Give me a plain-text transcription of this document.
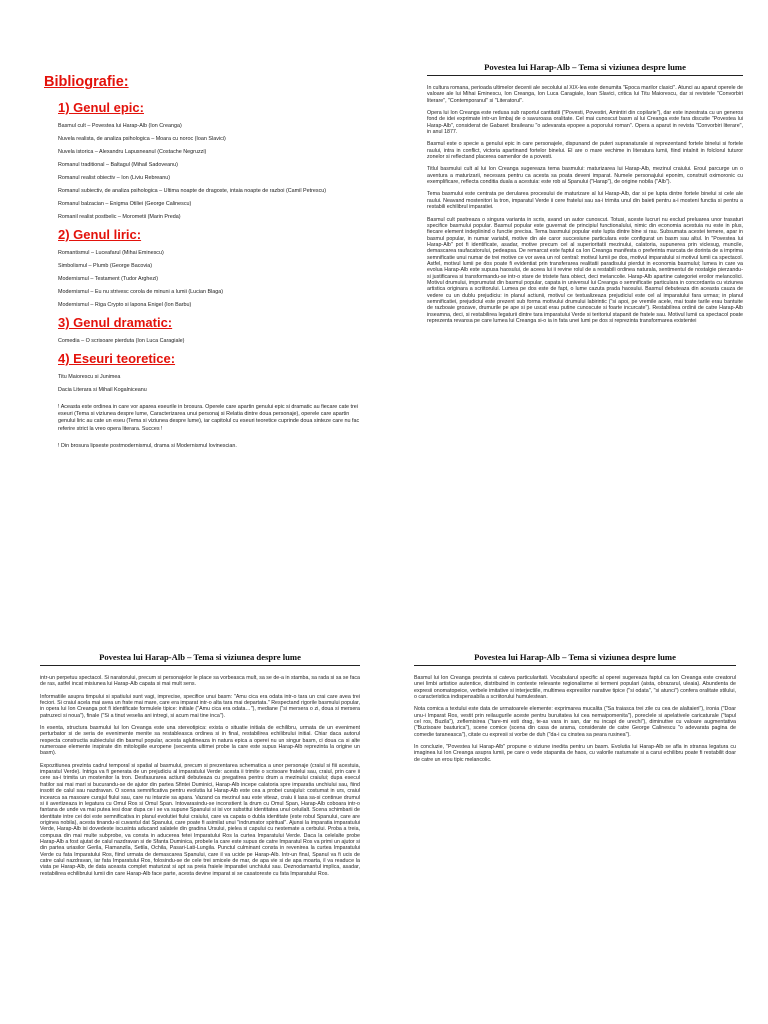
Bibliografie:
1) Genul epic:
Basmul cult – Povestea lui Harap-Alb (Ion Creanga)
Nuvela realista, de analiza psihologica – Moara cu noroc (Ioan Slavici)
Nuvela istorica – Alexandru Lapusneanul (Costache Negruzzi)
Romanul traditional – Baltagul (Mihail Sadoveanu)
Romanul realist obiectiv – Ion (Liviu Rebreanu)
Romanul subiectiv, de analiza psihologica – Ultima noapte de dragoste, intaia noapte de razboi (Camil Petrescu)
Romanul balzacian – Enigma Otiliei (George Calinescu)
Romanil realist postbelic – Morometii (Marin Preda)
2) Genul liric:
Romantismul – Luceafarul (Mihai Eminescu)
Simbolismul – Plumb (George Bacovia)
Modernismul – Testament (Tudor Arghezi)
Modernismul – Eu nu strivesc corola de minuni a lumii (Lucian Blaga)
Modernismul – Riga Crypto si lapona Enigel (Ion Barbu)
3) Genul dramatic:
Comedia – O scrisoare pierduta (Ion Luca Caragiale)
4) Eseuri teoretice:
Titu Maiorescu si Junimea
Dacia Literara si Mihail Kogalniceanu
! Aceasta este ordinea in care vor aparea eseurile in brosura. Operele care apartin genului epic si dramatic au fiecare cate trei eseuri (Tema si viziunea despre lume, Caracterizarea unui personaj si Relatia dintre doua personaje), operele care apartin genului liric au cate un eseu (Tema si viziunea despre lume), iar capitolul cu eseuri teoretice cuprinde doua sinteze care nu fac referire strict la vreo opera literara. Succes !
! Din brosura lipseste postmodernismul, drama si Modernismul lovinescian.
Povestea lui Harap-Alb – Tema si viziunea despre lume

In cultura romana, perioada ultimelor decenii ale secolului al XIX-lea este denumita "Epoca marilor clasici". Atunci au aparut operele de valoare ale lui Mihai Eminescu, Ion Creanga, Ion Luca Caragiale, Ioan Slavici, critica lui Titu Maiorescu, dar si revistele "Convorbiri literare", "Contemporanul" si "Literatorul".

Opera lui Ion Creanga este redusa sub raportul cantitatii ("Povesti, Povestiri, Amintiri din copilarie"), dar este inzestrata cu un generos fond de idei exprimate intr-un limbaj de o savuroasa oralitate. Cel mai cunoscut basm al lui Creanga este fara discutie "Povestea lui Harap-Alb", considerat de Gabaret Ibraileanu "o adevarata epopee a poporului roman". Opera a aparut in revista "Convorbiri literare", in anul 1877.

Basmul este o specie a genului epic in care personajele, dispunand de puteri supranaturale si reprezentand fortele binelui si fortele raului, intra in conflict, victoria apartinand fortelor binelui. El are o mare vechime in literatura lumii, fiind intalnit in folclorul tuturor zonelor si reflectand placerea oamenilor de a povesti.

Titlul basmului cult al lui Ion Creanga sugereaza tema basmului: maturizarea lui Harap-Alb, mezinul craiului. Eroul parcurge un o aventura a maturizarii, necesara pentru ca acesta sa poata deveni imparat. Numele personajului eponim, construit oximoronic cu exemplificare, reflecta conditia duala a acestuia: este rob al Spanului ("Harap"), de origine nobila ("Alb").

Tema basmului este centrata pe derularea procesului de maturizare al lui Harap-Alb, dar si pe lupta dintre fortele binelui si cele ale raului. Neavand mostenitori la tron, imparatul Verde ii cere fratelui sau sa-i trimita unul din baieti pentru a-i mosteni functia si pentru a restabili echilibrul imparatiei.

Basmul cult pastreaza o singura varianta in scris, avand un autor cunoscut. Totusi, aceste lucruri nu exclud preluarea unor trasaturi specifice basmului popular. Basmul popular este guvernat de principiul functionalului, nimic din economia acestuia nu este in plus, fiecare element indeplinind o functie precisa. Tema basmului popular este lupta dintre bine si rau. Subsumata acestei temere, apar in basmul popular, in numar variabil, motive din ale caror succesiune particulara este configurat un basm sau altul. In "Povestea lui Harap-Alb" pot fi identificate, asadar, motive precum cel al superioritatii mezinului, calatoria, supunerea prin viclesug, muncile, demascarea raufacatorului, pedeapsa. De remarcat este faptul ca Ion Creanga manifesta o preferinta marcata de dorinta de a imprima semnificatie unui numar de trei motive ce vor avea un rol central: motivul lumii pe dos, motivul imparatului si motivul lumii ca spectacol. Astfel, motivul lumii pe dos poate fi evidentiat prin transferarea realitatii paradisului pierdut in economia basmului; lumea in care va evolua Harap-Alb este supusa haosului, de aceea lui ii revine rolul de a restabili ordinea naturala, sentimentul de nostalgie pierzandu-si justificarea si transformandu-se intr-o stare de tristete fara obiect, deci melancolie. Harap-Alb apartine categoriei eroilor melancolici. Motivul drumului, imprumutat din basmul popular, capata in universul lui Creanga o semnificatie particulara in concordanta cu viziunea artistica originara a scriitorului. Lumea pe dos este de fapt, o lume cazuta prada haosului. Basmul debuteaza din aceasta cauza de vedere cu un dublu prejudiciu: in planul actiunii, motivul ce textualizeaza prejudiciul este cel al imparatului fara urmas; in planul semnificatiei, prejudiciul este prezent sub forma motivului drumului labirintic ("si apoi, pe vremile acele, mai toate tarile erau bantuite de razboaie grozave, drumurile pe ape si pe uscat erau putine cunoscute si foarte incurcate"). Restabilirea ordinii de catre Harap-Alb inseamna, deci, si restabilirea legaturii dintre tara imparatului Verde si teritoriul stapanit de fratele sau. Motivul lumii ca spectacol poate reprezenta revansa pe care lumea lui Creanga si-o ia in fata unei lumi pe dos si reprezinta transformarea existentei

Povestea lui Harap-Alb – Tema si viziunea despre lume

intr-un perpetuu spectacol. Si naratorului, precum si personajelor le place sa vorbeasca mult, sa se de-a in stamba, sa rada si sa se faca de ras, astfel incat misiunea lui Harap-Alb capata si mai mult sens.

Informatiile asupra timpului si spatiului sunt vagi, imprecise, specifice unui basm: "Amu cica era odata intr-o tara un crai care avea trei feciori. Si craiul acela mai avea un frate mai mare, care era imparat intr-o alta tara mai departata." Respectand rigorile basmului popular, in opera lui Ion Creanga pot fi identificate formulele tipice: initiale ("Amu cica era odata…"), mediane ("si mersera o zi, doua si mersera patruzeci si noua"), finale ("Si a tinut veselia ani intregi, si acum mai tine inca").

In esenta, structura basmului lui Ion Creanga este una stereotipica: exista o situatie initiala de echilibru, urmata de un eveniment perturbator si de seria de evenimente menite sa restableasca ordinea si in final, restabilirea echilibrului initial. Chiar daca autorul respecta constructia subiectului din basmul popular, acesta aglutineaza in natura epica a operei nu un singur basm, ci doua ca si alte numeroase elemente inspirate din mitologiile europene (secventa ultimei probe la care este supus Harap-Alb reprezinta la origine un basm).

Expozitiunea prezinta cadrul temporal si spatial al basmului, precum si prezentarea schematica a unor personaje (craiul si fiii acestuia, imparatul Verde). Intriga va fi generata de un prejudiciu al imparatului Verde: acesta ii trimite o scrisoare fratelui sau, craiul, prin care ii cere sa-i trimita un mostenitor la tron. Desfasurarea actiunii debuteaza cu pregatirea pentru drum a mezinului craiului; dupa esecul fratilor sai mai mari si bucurandu-se de ajutor din partea Sfintei Duminici, Harap-Alb incepe calatoria spre imparatia unchiului sau, fiind insotit de calul sau nazdravan. O scena semnificativa pentru evolutia lui Harap-Alb este cea a probei curajului: costumat in urs, craiul incearca sa masoare curajul fiului sau, care nu intarzie sa apara. Vazand ca mezinul sau este viteaz, craiu ii lasa sa-si continue drumul si ii avertizeaza in legatura cu Omul Ros si Omul Span. Intovarasindu-se inconstient la drum cu Omul Span, Harap-Alb coboara intr-o fantana de unde va mai putea iesi doar dupa ce i se va supune Spanului si isi vor substitui identitatea unul celuilalt. Scena schimbarii de identitate intre cei doi este semnificativa in planul evolutiei fiului craiului, care va capata o dubla identitate (este robul Spanului, care are originea nobila), acesta tinandu-si cuvantul dat Spanului, care poate fi asimilat unui "indrumator spiritual". Ajunsi la imparatia imparatului Verde, Harap-Alb isi dovedeste iscusinta aducand salatele din gradina Ursului, pielea si capului cu nestemate a cerbului. Proba a treia, compusa din mai multe subprobe, va consta in aducerea fetei Imparatului Ros la curtea Imparatului Verde. Daca la celelalte probe Harap-Alb a fost ajutat de calul nazdravan si de Sfanta Duminica, probele la care este supus de catre Imparatul Ros va primi un ajutor si din partea uriasilor Gerila, Flamanzila, Setila, Ochila, Pasari-Lati-Lungila. Punctul culminant consta in revenirea la curtea Imparatului Verde cu fata Imparatului Ros, fiind urmata de demascarea Spanului, care il va ucide pe Harap-Alb. Intr-un final, Spanul va fi ucis de catre calul nazdravan, iar fata Imparatului Ros, folosindu-se de cele trei smicele de mar, de apa vie si de apa moarta, il va readuce la viata pe Harap-Alb, de data aceasta complet maturizat si apt sa preia fraiele imparatiei unchiului sau. Deznodamantul implica, asadar, restabilirea echilibrului lumii din care Harap-Alb face parte, acesta devine imparat si se casatoreste cu fata Imparatului Ros.

Povestea lui Harap-Alb – Tema si viziunea despre lume

Basmul lui Ion Creanga prezinta si cateva particularitati. Vocabularul specific al operei sugereaza faptul ca Ion Creanga este creatorul unei limbi artistice autentice, distribuind in contexte relevante regionalisme si termeni populari (aista, obrazarul, uleaia). Abundenta de expresii onomatopeice, verbele imitative si interjectiile, multimea expresiilor narative tipice ("si odata", "si atunci") confera oralitate stilului, o caracteristica indispensabila a scriitorului humulestean.

Nota comica a textului este data de urmatoarele elemente: exprimarea mucalita ("Sa traiasca trei zile cu cea de alaltaieri"), ironia ("Doar unu-i Imparat Ros, vestit prin reilaugurile aceste pentru buruitatea lui cea nemaipomenita"), poreclele si apelativele caricaturale ("tapul cel ros, Buzila"), zeflemisirea ("tare-mi esti drag, te-as vara in san, dar nu incapi de urechi"), diminutive cu valoare augmentativa ("Buzisoare bauturica"), scene comice (scena din casa de arama, considerate de catre George Calinescu "o adevarata pagina de comedie taraneasca"), citate cu expresii si vorbe de duh ("da-i cu cinstea sa peara rusinea").

In concluzie, "Povestea lui Harap-Alb" propune o viziune inedita pentru un basm. Evolutia lui Harap-Alb se afla in stransa legatura cu imaginea lui Ion Creanga asupra lumii, pe care o vede stapanita de haos, cu valorile rasturnate si a carui echilibru poate fi restabilit doar de catre un erou tipic melancolic.
